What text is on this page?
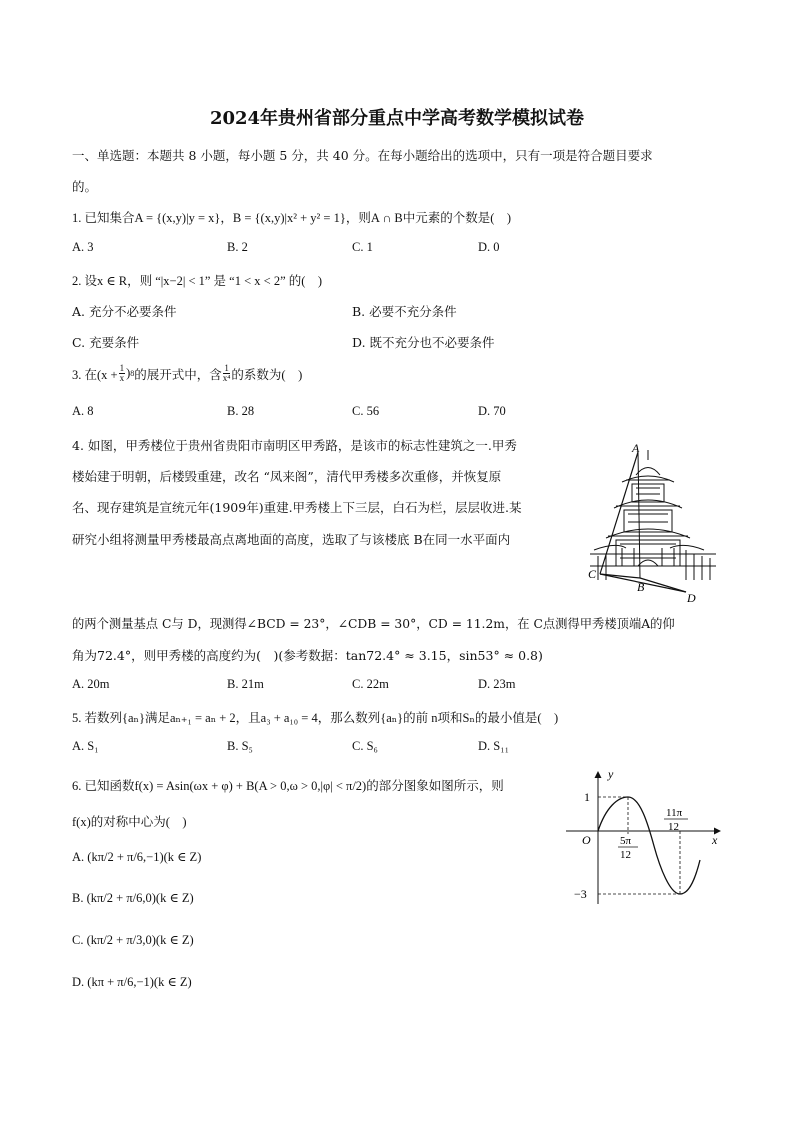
2024年贵州省部分重点中学高考数学模拟试卷
一、单选题：本题共 8 小题，每小题 5 分，共 40 分。在每小题给出的选项中，只有一项是符合题目要求
的。
1. 已知集合A = {(x,y)|y = x}，B = {(x,y)|x² + y² = 1}，则A ∩ B中元素的个数是(　)
A. 3	B. 2	C. 1	D. 0
2. 设x ∈ R，则 “|x−2| < 1” 是 “1 < x < 2” 的(　)
A. 充分不必要条件	B. 必要不充分条件
C. 充要条件	D. 既不充分也不必要条件
3. 在($x + \frac{1}{x}$ ) 8 的展开式中，含 $\frac{1}{\text{x⁴}}$ 的系数为(　)
A. 8	B. 28	C. 56	D. 70
4. 如图，甲秀楼位于贵州省贵阳市南明区甲秀路，是该市的标志性建筑之一.甲秀
楼始建于明朝，后楼毁重建，改名 “凤来阁”，清代甲秀楼多次重修，并恢复原
名、现存建筑是宣统元年(1909年)重建.甲秀楼上下三层，白石为栏，层层收进.某
研究小组将测量甲秀楼最高点离地面的高度，选取了与该楼底 B在同一水平面内
A
C
B
D
的两个测量基点 C与 D，现测得∠BCD = 23°，∠CDB = 30°，CD = 11.2m，在 C点测得甲秀楼顶端A的仰
角为72.4°，则甲秀楼的高度约为(　)(参考数据：tan72.4° ≈ 3.15，sin53° ≈ 0.8)
A. 20m	B. 21m	C. 22m	D. 23m
5. 若数列{aₙ}满足aₙ₊₁ = aₙ + 2，且a₃ + a₁₀ = 4，那么数列{aₙ}的前 n项和Sₙ的最小值是(　)
A. S₁	B. S₅	C. S₆	D. S₁₁
6. 已知函数f(x) = Asin(ωx + φ) + B(A > 0,ω > 0,|φ| < π/2)的部分图象如图所示，则
f(x)的对称中心为(　)
A. (kπ/2 + π/6,−1)(k ∈ Z)
B. (kπ/2 + π/6,0)(k ∈ Z)
C. (kπ/2 + π/3,0)(k ∈ Z)
D. (kπ + π/6,−1)(k ∈ Z)
y
x
O
1
−3
5π
12
11π
12
